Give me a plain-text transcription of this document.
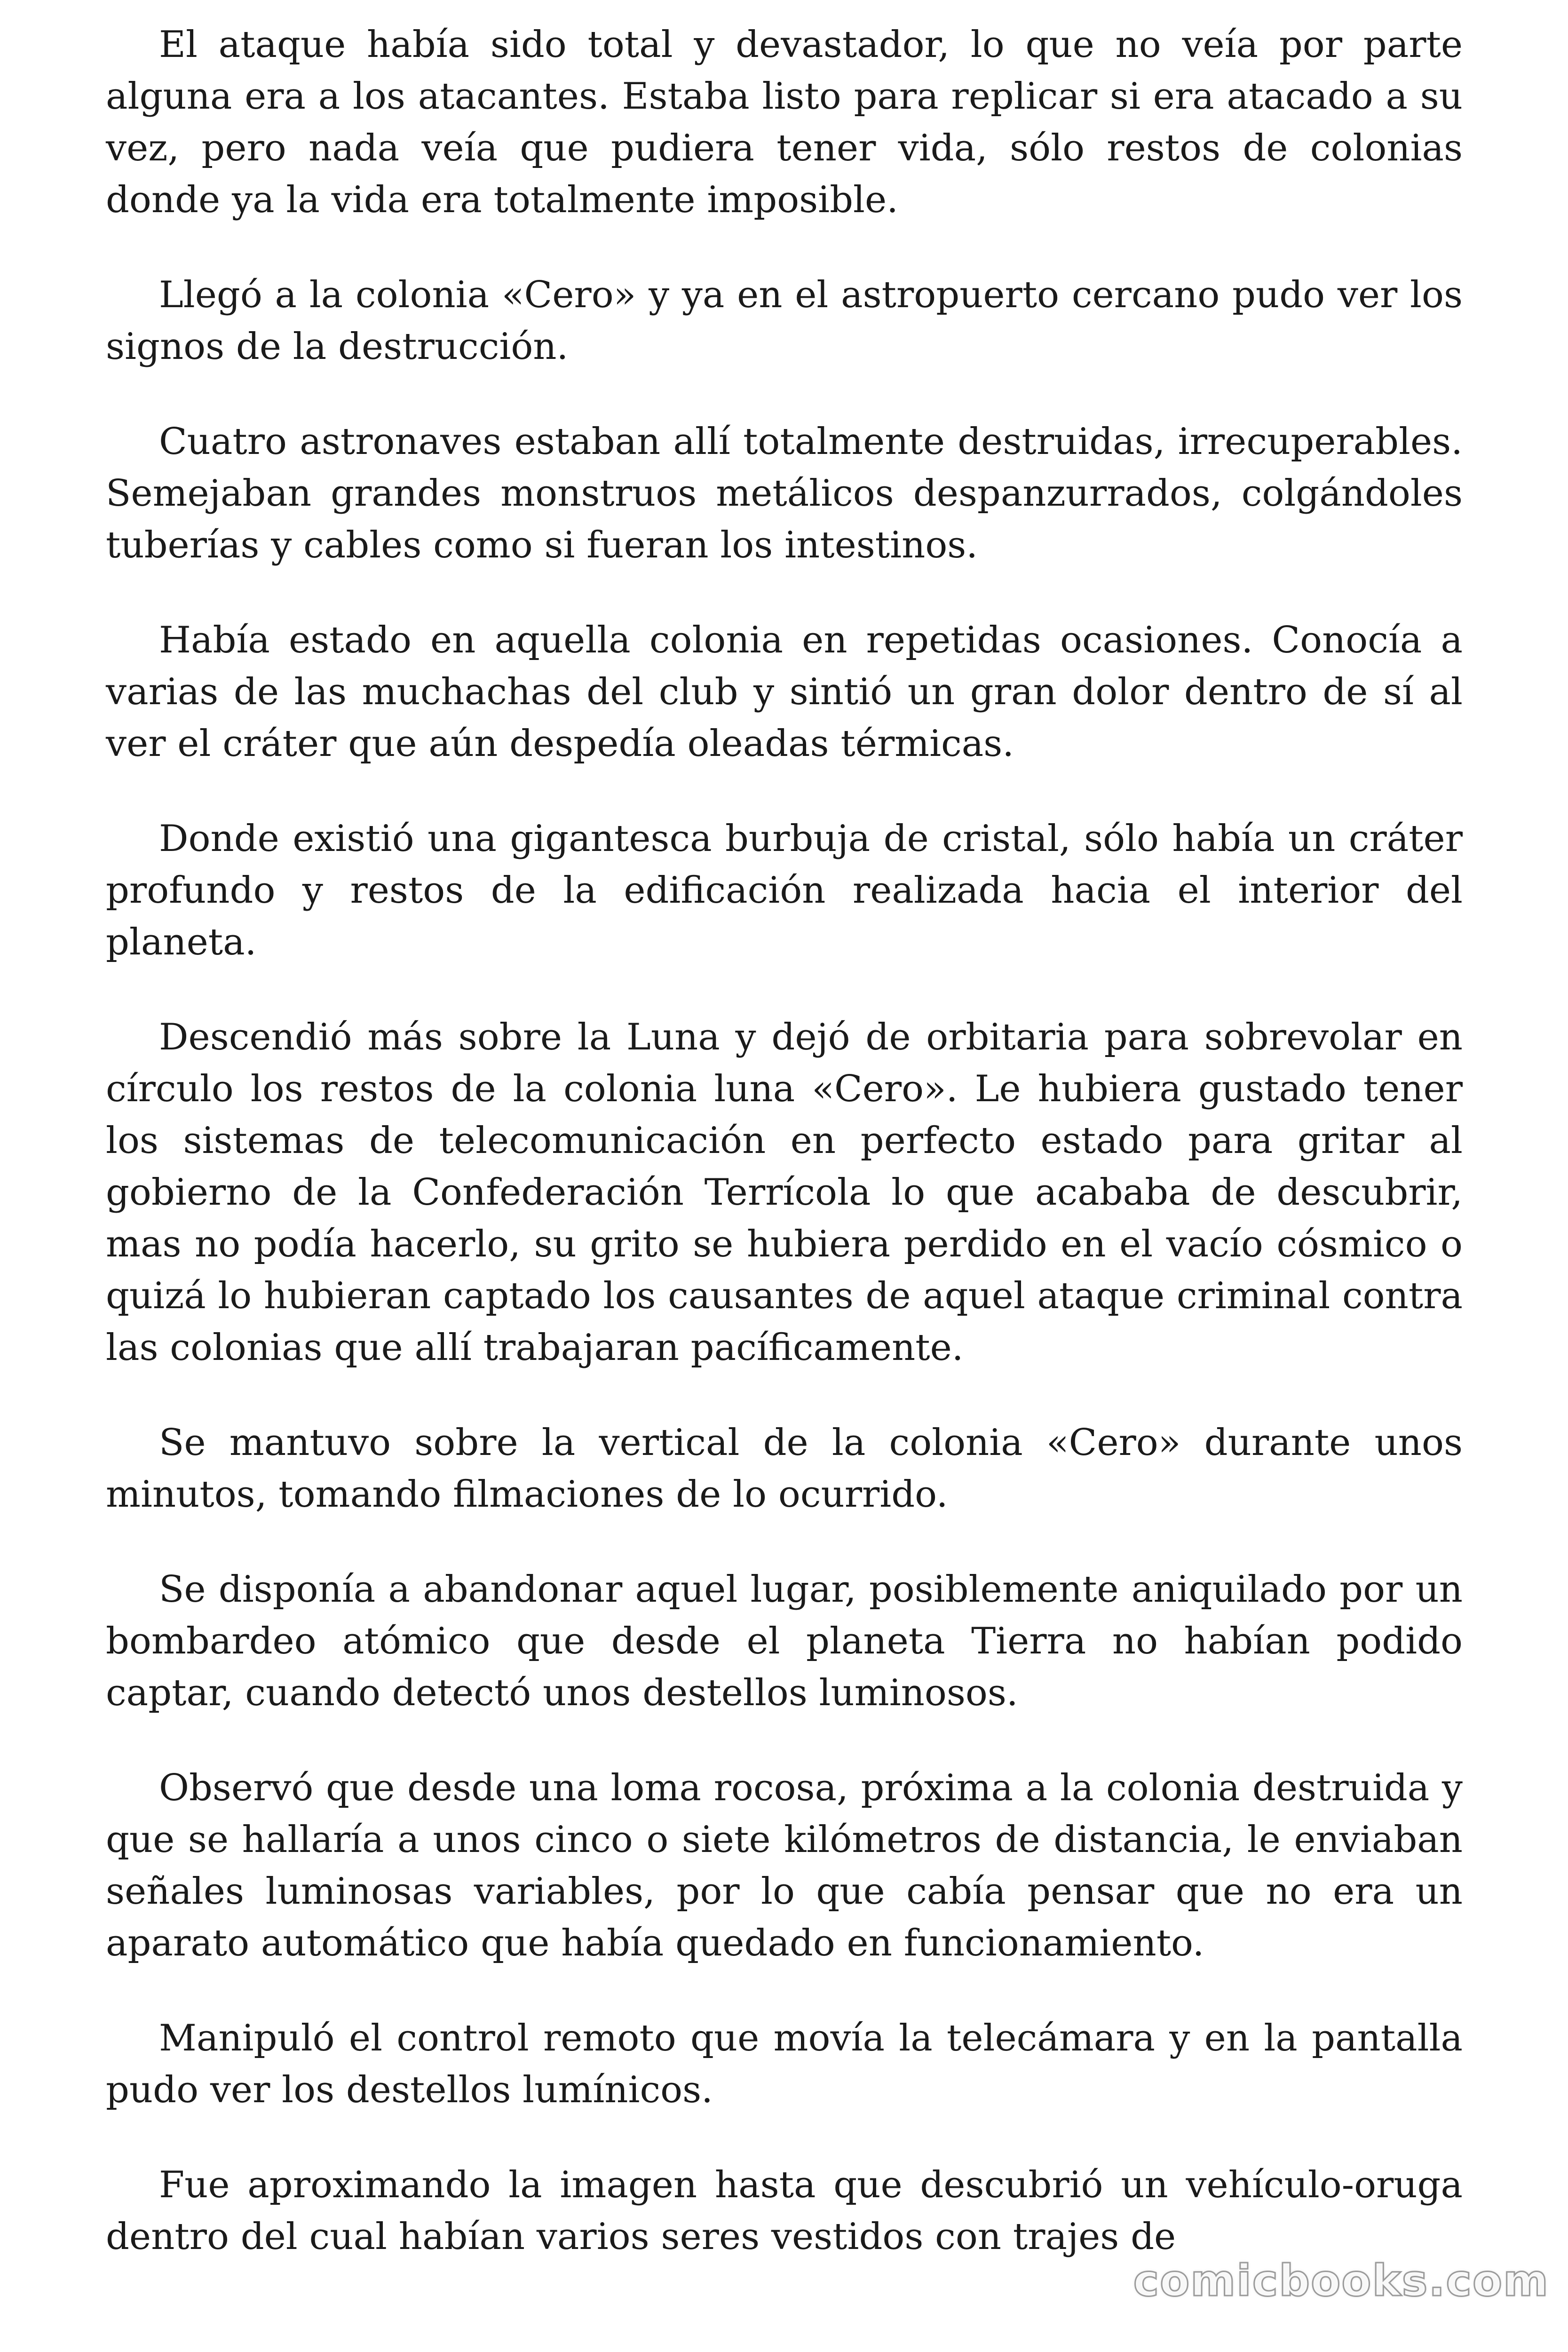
El ataque había sido total y devastador, lo que no veía por parte alguna era a los atacantes. Estaba listo para replicar si era atacado a su vez, pero nada veía que pudiera tener vida, sólo restos de colonias donde ya la vida era totalmente imposible.

Llegó a la colonia «Cero» y ya en el astropuerto cercano pudo ver los signos de la destrucción.

Cuatro astronaves estaban allí totalmente destruidas, irrecuperables. Semejaban grandes monstruos metálicos despanzurrados, colgándoles tuberías y cables como si fueran los intestinos.

Había estado en aquella colonia en repetidas ocasiones. Conocía a varias de las muchachas del club y sintió un gran dolor dentro de sí al ver el cráter que aún despedía oleadas térmicas.

Donde existió una gigantesca burbuja de cristal, sólo había un cráter profundo y restos de la edificación realizada hacia el interior del planeta.

Descendió más sobre la Luna y dejó de orbitaria para sobrevolar en círculo los restos de la colonia luna «Cero». Le hubiera gustado tener los sistemas de telecomunicación en perfecto estado para gritar al gobierno de la Confederación Terrícola lo que acababa de descubrir, mas no podía hacerlo, su grito se hubiera perdido en el vacío cósmico o quizá lo hubieran captado los causantes de aquel ataque criminal contra las colonias que allí trabajaran pacíficamente.

Se mantuvo sobre la vertical de la colonia «Cero» durante unos minutos, tomando filmaciones de lo ocurrido.

Se disponía a abandonar aquel lugar, posiblemente aniquilado por un bombardeo atómico que desde el planeta Tierra no habían podido captar, cuando detectó unos destellos luminosos.

Observó que desde una loma rocosa, próxima a la colonia destruida y que se hallaría a unos cinco o siete kilómetros de distancia, le enviaban señales luminosas variables, por lo que cabía pensar que no era un aparato automático que había quedado en funcionamiento.

Manipuló el control remoto que movía la telecámara y en la pantalla pudo ver los destellos lumínicos.

Fue aproximando la imagen hasta que descubrió un vehículo-oruga dentro del cual habían varios seres vestidos con trajes de

comicbooks.com
